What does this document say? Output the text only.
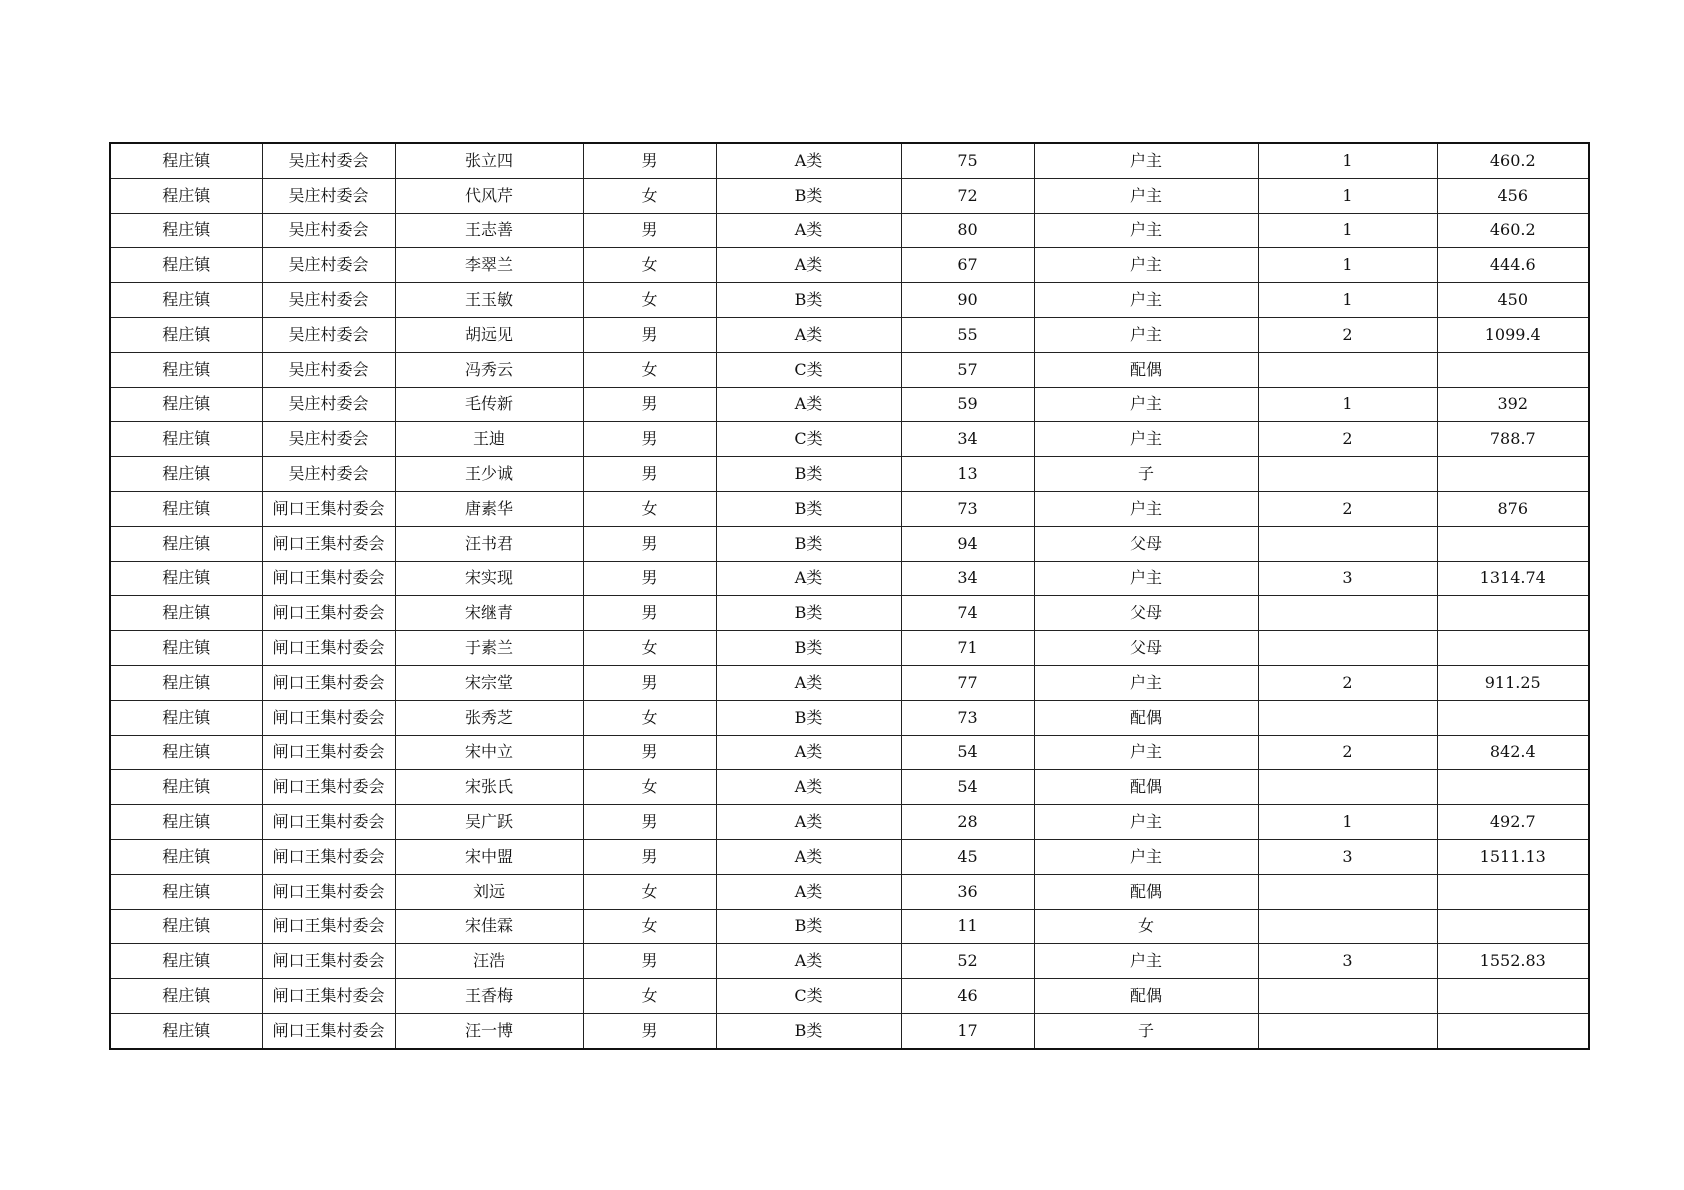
程庄镇	吴庄村委会	张立四	男	A类	75	户主	1	460.2
程庄镇	吴庄村委会	代风芹	女	B类	72	户主	1	456
程庄镇	吴庄村委会	王志善	男	A类	80	户主	1	460.2
程庄镇	吴庄村委会	李翠兰	女	A类	67	户主	1	444.6
程庄镇	吴庄村委会	王玉敏	女	B类	90	户主	1	450
程庄镇	吴庄村委会	胡远见	男	A类	55	户主	2	1099.4
程庄镇	吴庄村委会	冯秀云	女	C类	57	配偶		
程庄镇	吴庄村委会	毛传新	男	A类	59	户主	1	392
程庄镇	吴庄村委会	王迪	男	C类	34	户主	2	788.7
程庄镇	吴庄村委会	王少诚	男	B类	13	子		
程庄镇	闸口王集村委会	唐素华	女	B类	73	户主	2	876
程庄镇	闸口王集村委会	汪书君	男	B类	94	父母		
程庄镇	闸口王集村委会	宋实现	男	A类	34	户主	3	1314.74
程庄镇	闸口王集村委会	宋继青	男	B类	74	父母		
程庄镇	闸口王集村委会	于素兰	女	B类	71	父母		
程庄镇	闸口王集村委会	宋宗堂	男	A类	77	户主	2	911.25
程庄镇	闸口王集村委会	张秀芝	女	B类	73	配偶		
程庄镇	闸口王集村委会	宋中立	男	A类	54	户主	2	842.4
程庄镇	闸口王集村委会	宋张氏	女	A类	54	配偶		
程庄镇	闸口王集村委会	吴广跃	男	A类	28	户主	1	492.7
程庄镇	闸口王集村委会	宋中盟	男	A类	45	户主	3	1511.13
程庄镇	闸口王集村委会	刘远	女	A类	36	配偶		
程庄镇	闸口王集村委会	宋佳霖	女	B类	11	女		
程庄镇	闸口王集村委会	汪浩	男	A类	52	户主	3	1552.83
程庄镇	闸口王集村委会	王香梅	女	C类	46	配偶		
程庄镇	闸口王集村委会	汪一博	男	B类	17	子		
